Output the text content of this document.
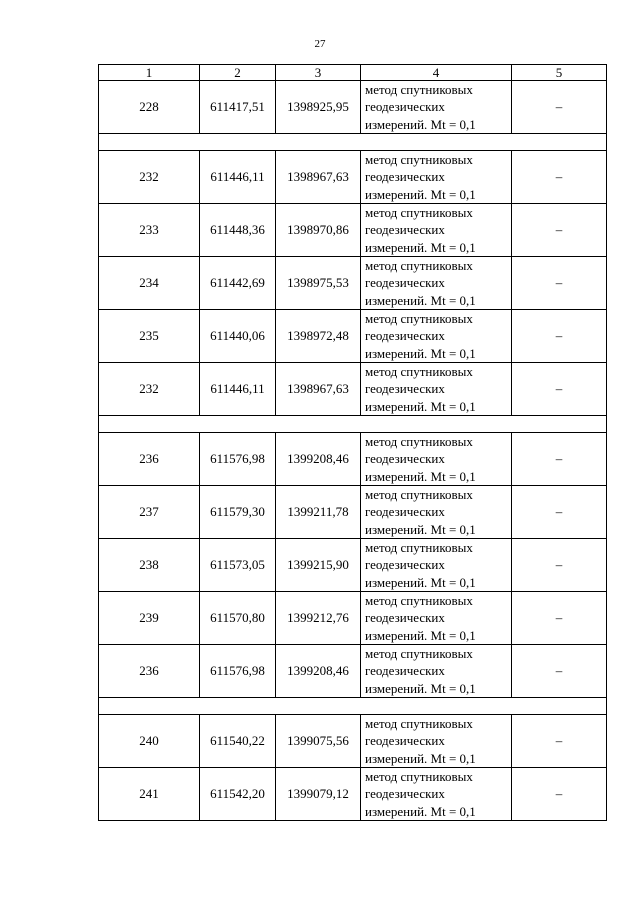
27
1	2	3	4	5
228	611417,51	1398925,95	метод спутниковых
геодезических
измерений. Mt = 0,1	–

232	611446,11	1398967,63	метод спутниковых
геодезических
измерений. Mt = 0,1	–
233	611448,36	1398970,86	метод спутниковых
геодезических
измерений. Mt = 0,1	–
234	611442,69	1398975,53	метод спутниковых
геодезических
измерений. Mt = 0,1	–
235	611440,06	1398972,48	метод спутниковых
геодезических
измерений. Mt = 0,1	–
232	611446,11	1398967,63	метод спутниковых
геодезических
измерений. Mt = 0,1	–

236	611576,98	1399208,46	метод спутниковых
геодезических
измерений. Mt = 0,1	–
237	611579,30	1399211,78	метод спутниковых
геодезических
измерений. Mt = 0,1	–
238	611573,05	1399215,90	метод спутниковых
геодезических
измерений. Mt = 0,1	–
239	611570,80	1399212,76	метод спутниковых
геодезических
измерений. Mt = 0,1	–
236	611576,98	1399208,46	метод спутниковых
геодезических
измерений. Mt = 0,1	–

240	611540,22	1399075,56	метод спутниковых
геодезических
измерений. Mt = 0,1	–
241	611542,20	1399079,12	метод спутниковых
геодезических
измерений. Mt = 0,1	–
